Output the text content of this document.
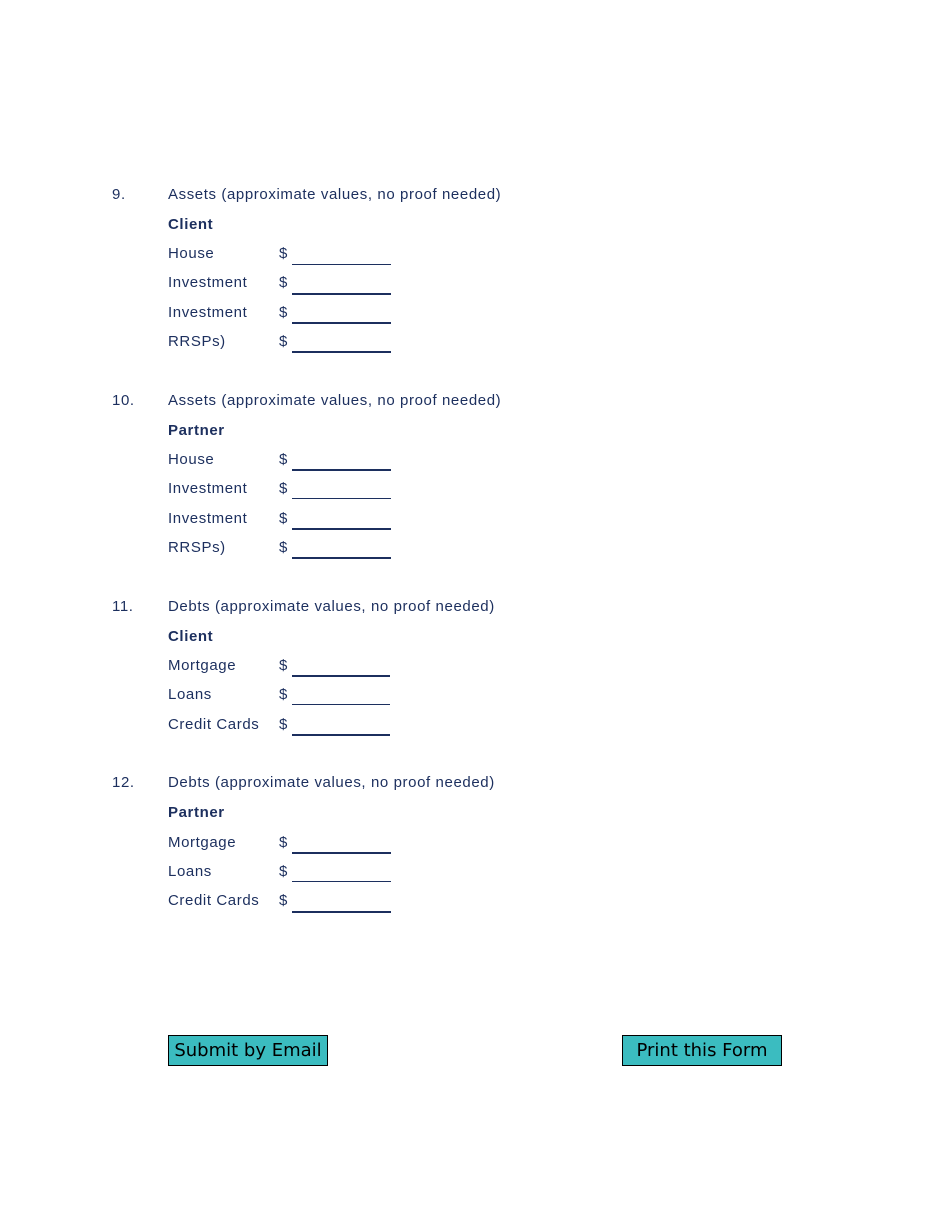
9.	Assets (approximate values, no proof needed)
Client
House	$
Investment $
Investment $
RRSPs)	$
10. Assets (approximate values, no proof needed)
Partner
House	$
Investment $
Investment $
RRSPs)	$
11. Debts (approximate values, no proof needed)
Client
Mortgage	$
Loans	$
Credit Cards $
12. Debts (approximate values, no proof needed)
Partner
Mortgage	$
Loans	$
Credit Cards $
Submit by Email	Print this Form
